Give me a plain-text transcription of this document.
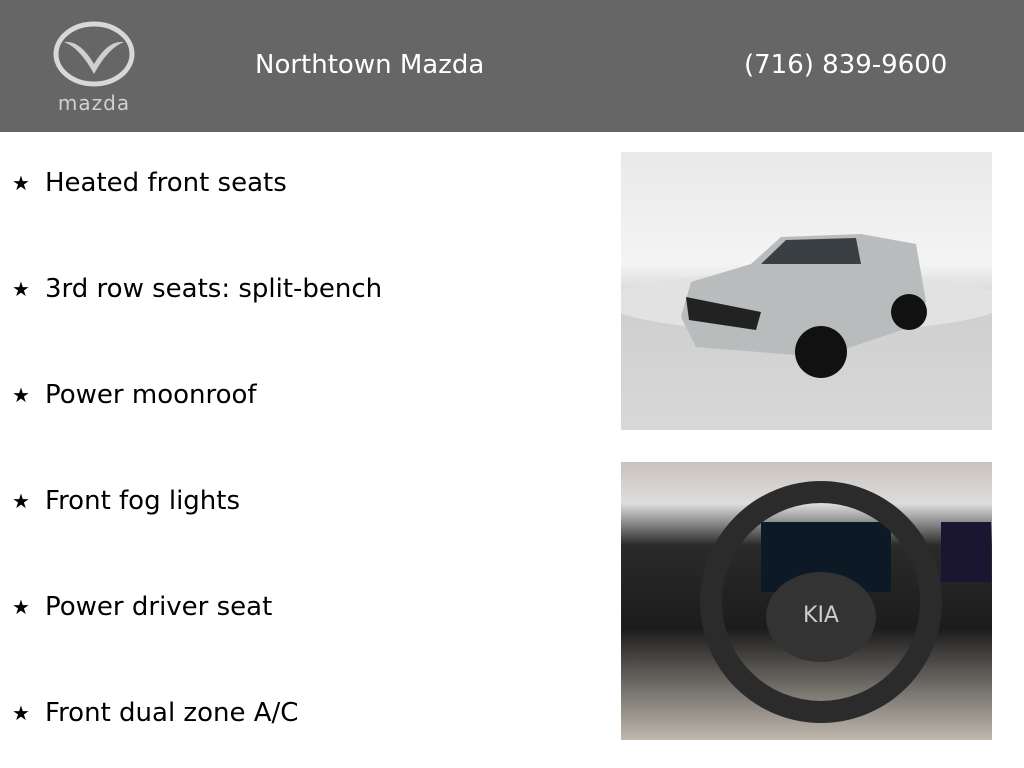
mazda
Northtown Mazda	(716) 839-9600
★ Heated front seats
★ 3rd row seats: split-bench
★ Power moonroof
★ Front fog lights
★ Power driver seat
★ Front dual zone A/C
KIA
